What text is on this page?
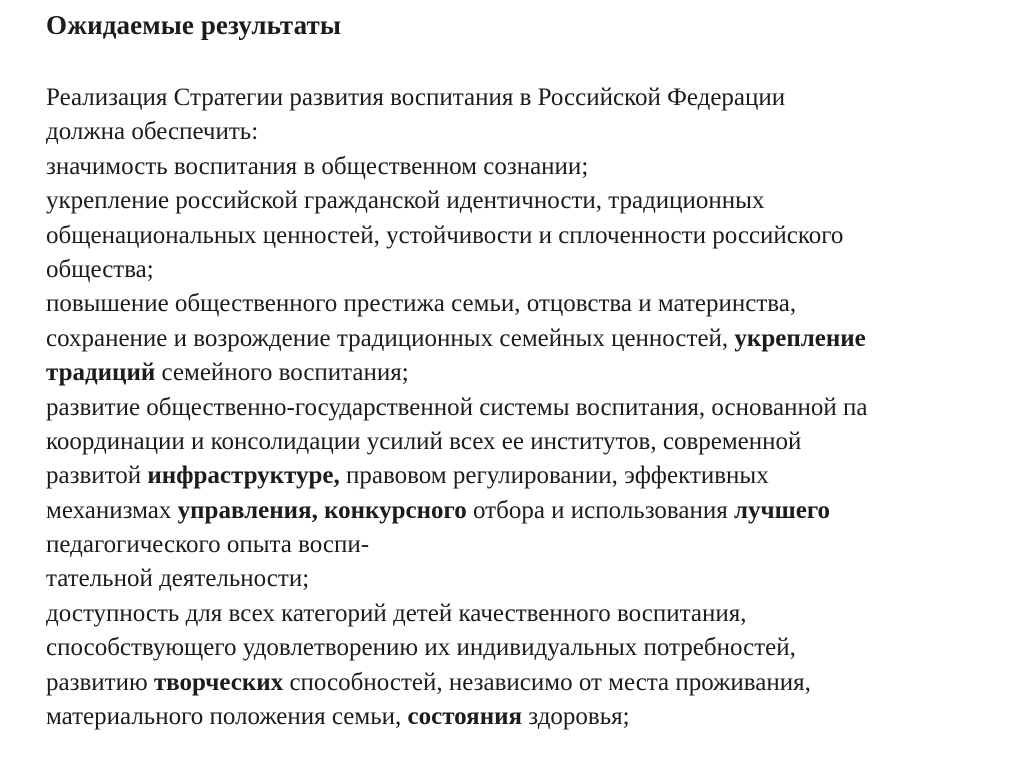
Ожидаемые результаты
Реализация Стратегии развития воспитания в Российской Федерации
должна обеспечить:
значимость воспитания в общественном сознании;
укрепление российской гражданской идентичности, традиционных
общенациональных ценностей, устойчивости и сплоченности российского
общества;
повышение общественного престижа семьи, отцовства и материнства,
сохранение и возрождение традиционных семейных ценностей, укрепление
традиций семейного воспитания;
развитие общественно-государственной системы воспитания, основанной па
координации и консолидации усилий всех ее институтов, современной
развитой инфраструктуре, правовом регулировании, эффективных
механизмах управления, конкурсного отбора и использования лучшего
педагогического опыта воспи-
тательной деятельности;
доступность для всех категорий детей качественного воспитания,
способствующего удовлетворению их индивидуальных потребностей,
развитию творческих способностей, независимо от места проживания,
материального положения семьи, состояния здоровья;
